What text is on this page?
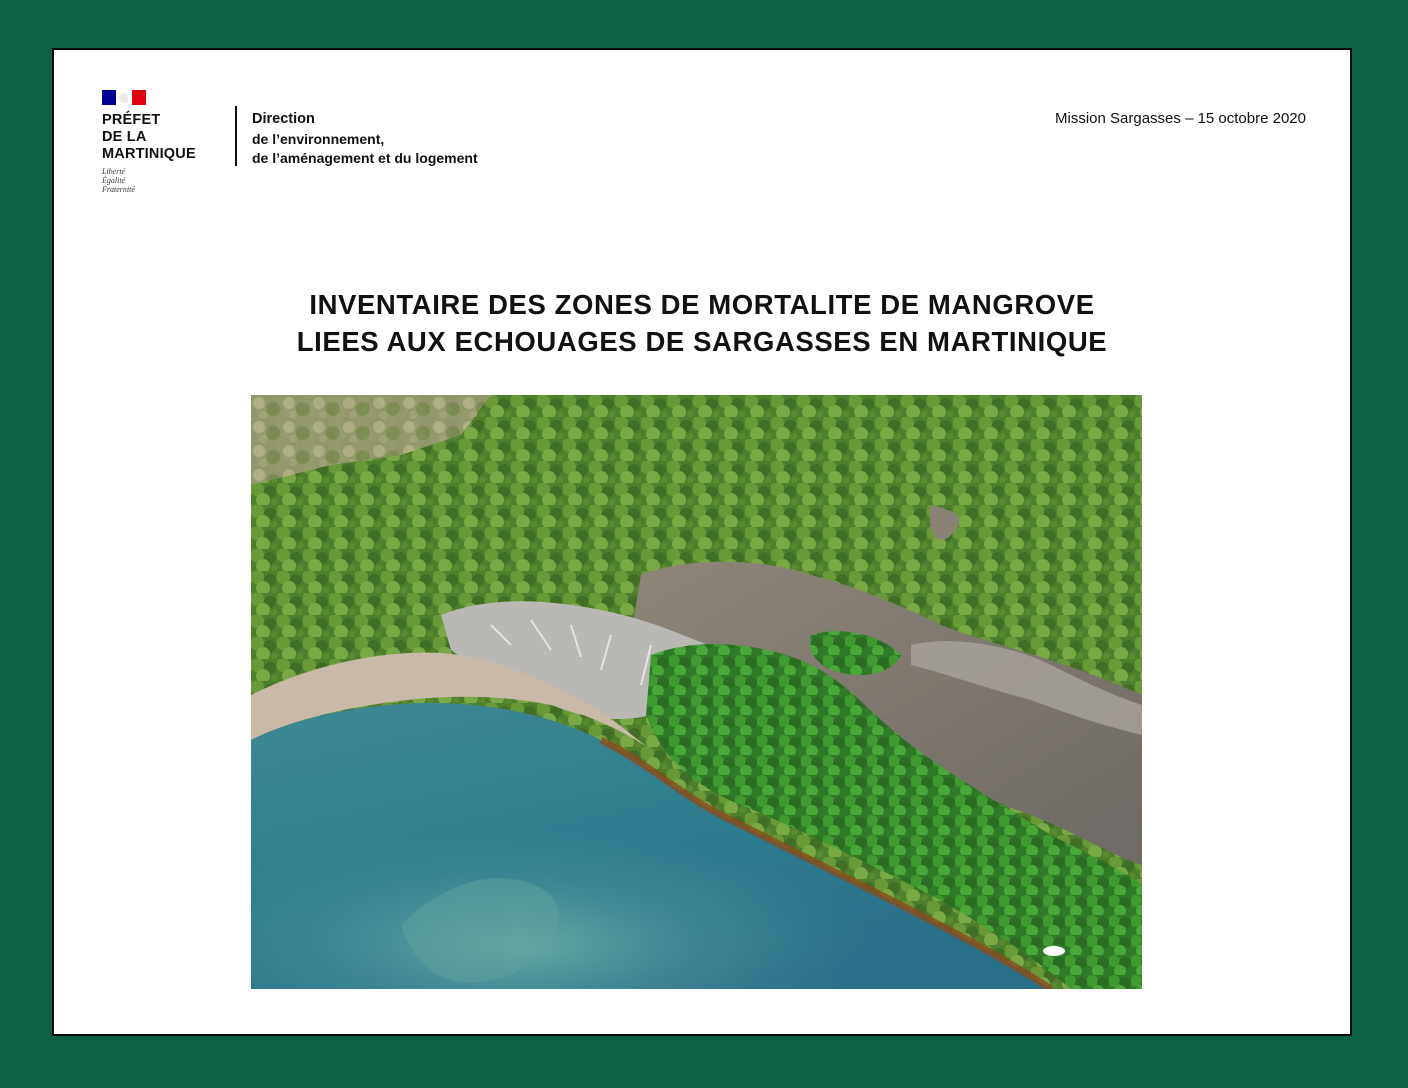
PRÉFET
DE LA
MARTINIQUE
Liberté
Égalité
Fraternité
Direction
de l’environnement,
de l’aménagement et du logement
Mission Sargasses – 15 octobre 2020
INVENTAIRE DES ZONES DE MORTALITE DE MANGROVE
LIEES AUX ECHOUAGES DE SARGASSES EN MARTINIQUE
